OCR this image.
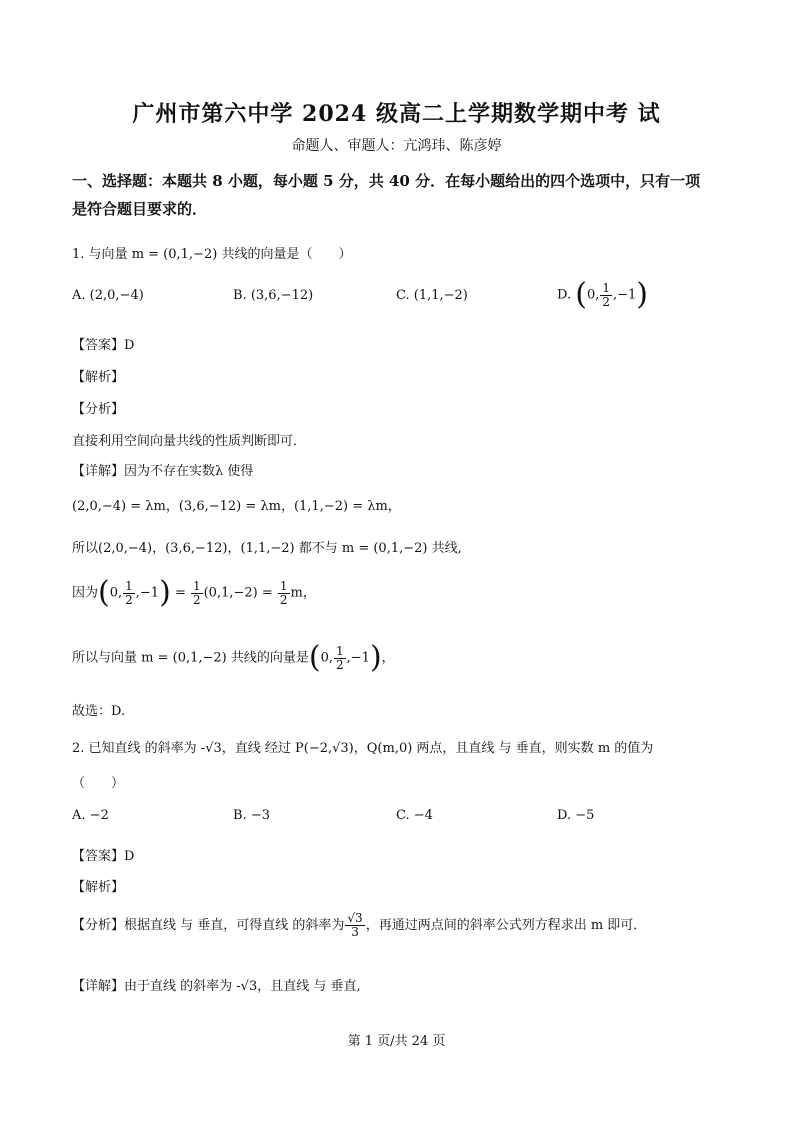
广州市第六中学 2024 级高二上学期数学期中考 试
命题人、审题人：亢鸿玮、陈彦婷
一、选择题：本题共 8 小题，每小题 5 分，共 40 分．在每小题给出的四个选项中，只有一项
是符合题目要求的．
1. 与向量 m = (0,1,−2) 共线的向量是（　　）
A. (2,0,−4)	B. (3,6,−12)	C. (1,1,−2)	D. (0, $\frac{1}{2} ,-1$)
【答案】D
【解析】
【分析】
直接利用空间向量共线的性质判断即可．
【详解】因为不存在实数λ 使得
(2,0,−4) = λm，(3,6,−12) = λm，(1,1,−2) = λm，
所以(2,0,−4)，(3,6,−12)，(1,1,−2) 都不与 m = (0,1,−2) 共线,
因为(0, $\frac{1}{2} ,-1) = \frac{1}{2} (0,1,-2) = \frac{1}{2}$ m，
所以与向量 m = (0,1,−2) 共线的向量是(0, $\frac{1}{2} ,-1$)，
故选：D.
2. 已知直线 的斜率为 -√3，直线 经过 P(−2,√3)，Q(m,0) 两点，且直线 与 垂直，则实数 m 的值为
（　　）
A. −2	B. −3	C. −4	D. −5
【答案】D
【解析】
【分析】根据直线 与 垂直，可得直线 的斜率为 $\frac{√3}{3}$ ，再通过两点间的斜率公式列方程求出 m 即可．
【详解】由于直线 的斜率为 -√3，且直线 与 垂直,
第 1 页/共 24 页
